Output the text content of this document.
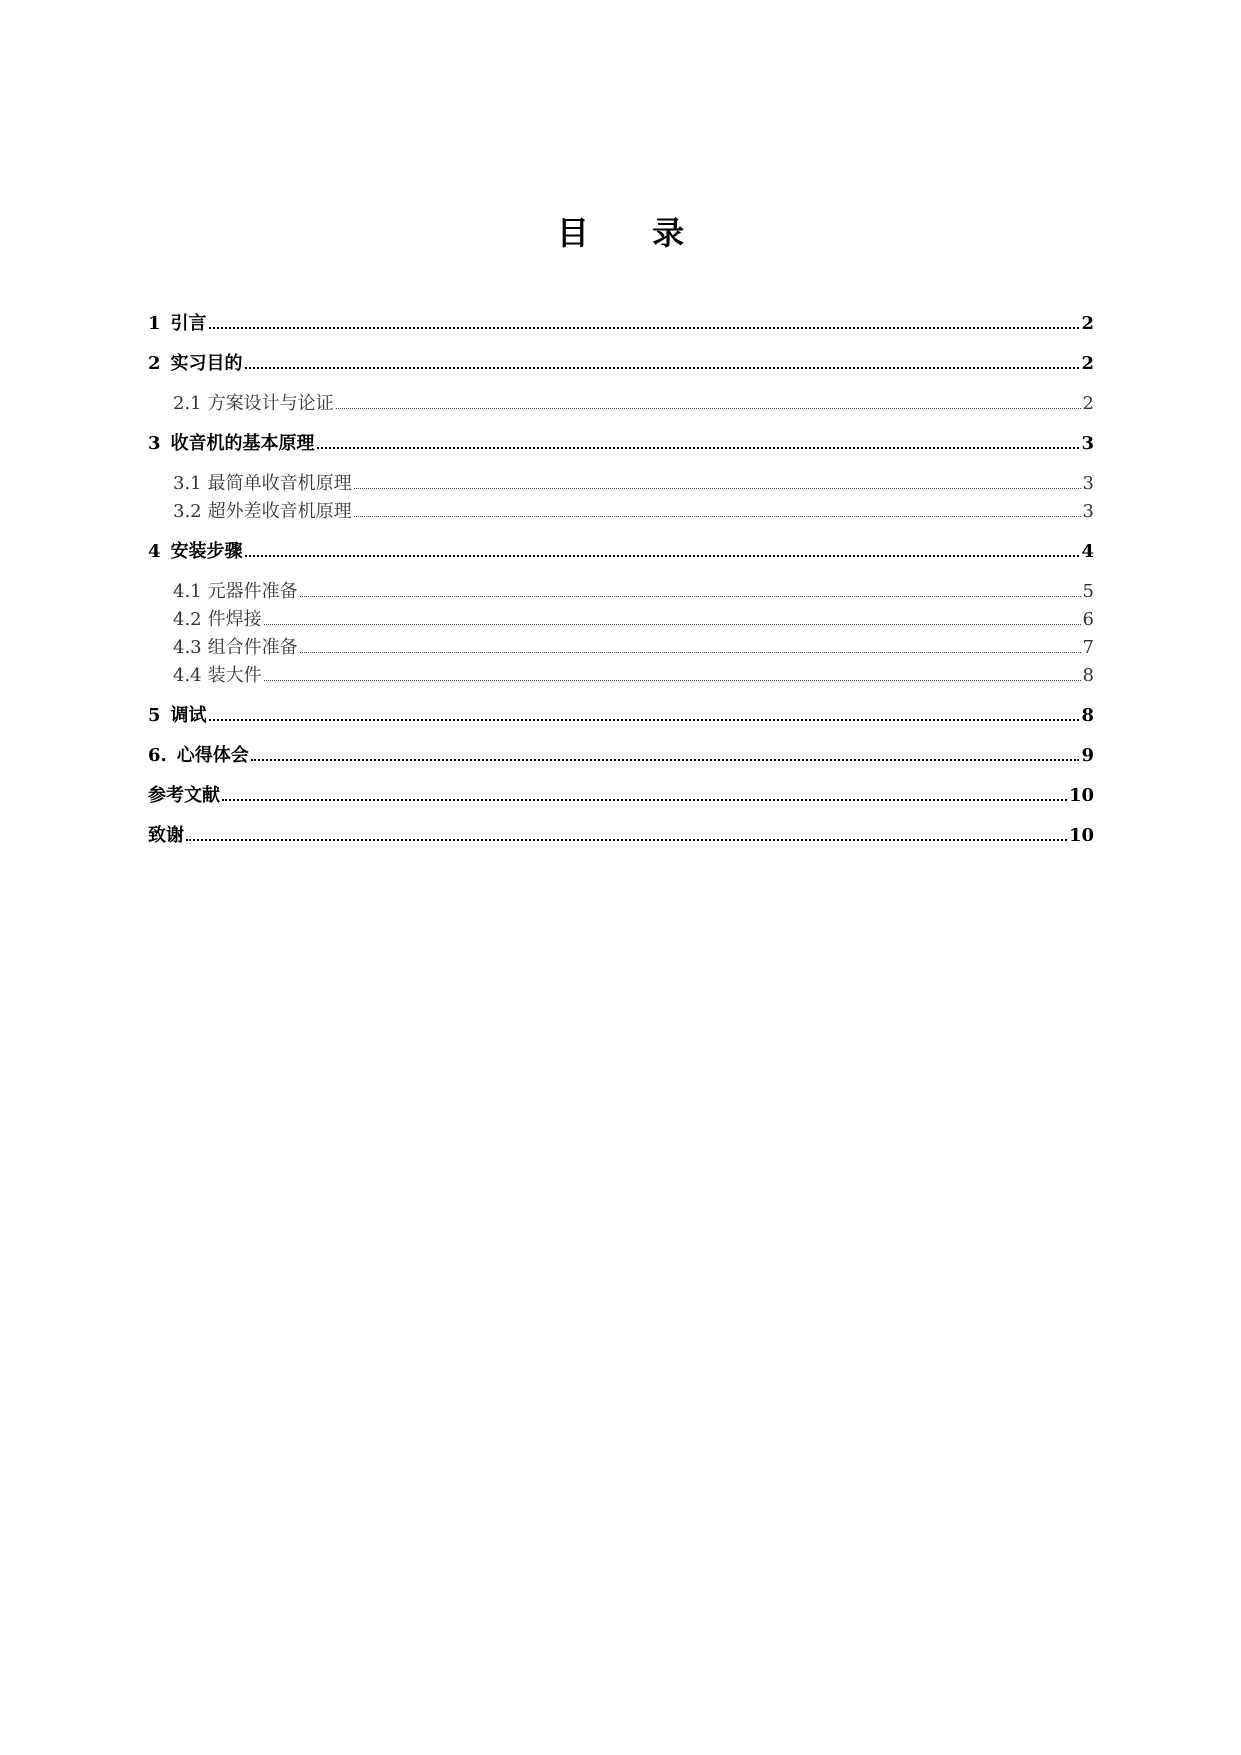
目 录
1 引言	2
2 实习目的	2
2.1 方案设计与论证	2
3 收音机的基本原理	3
3.1 最简单收音机原理	3
3.2 超外差收音机原理	3
4 安装步骤	4
4.1 元器件准备	5
4.2 件焊接	6
4.3 组合件准备	7
4.4 装大件	8
5 调试	8
6. 心得体会	9
参考文献	10
致谢	10
